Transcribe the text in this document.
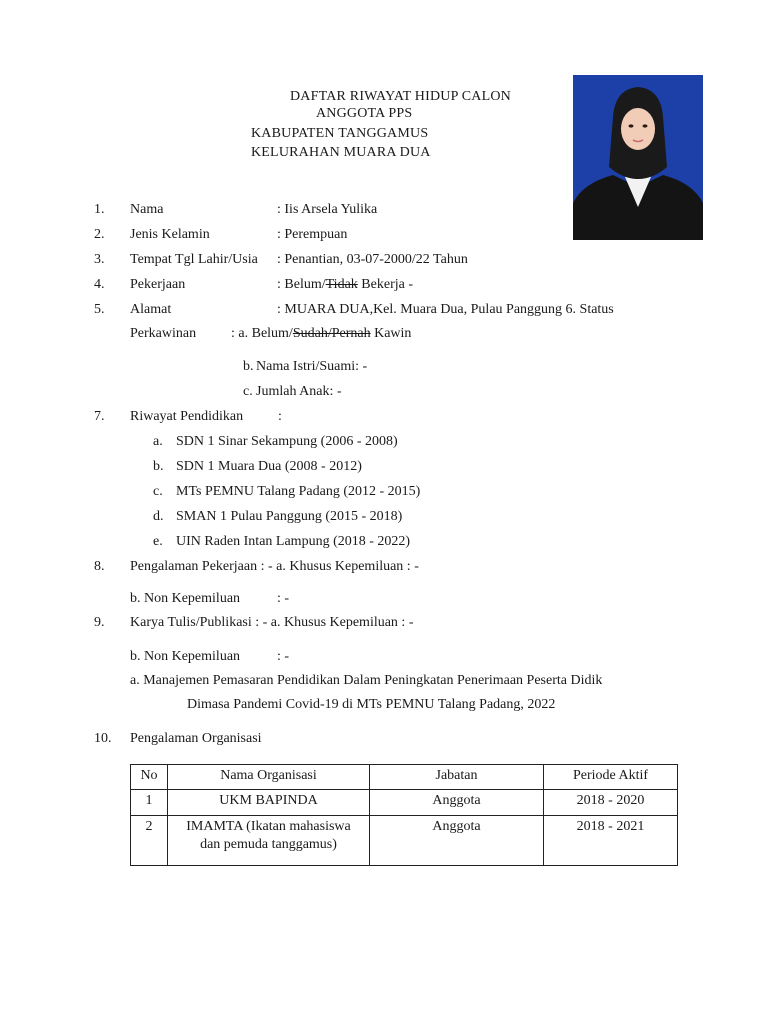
DAFTAR RIWAYAT HIDUP CALON
ANGGOTA PPS
KABUPATEN TANGGAMUS
KELURAHAN MUARA DUA
1. Nama	: Iis Arsela Yulika
2. Jenis Kelamin	: Perempuan
3. Tempat Tgl Lahir/Usia : Penantian, 03-07-2000/22 Tahun
4. Pekerjaan	: Belum/Tidak Bekerja -
5. Alamat	: MUARA DUA,Kel. Muara Dua, Pulau Panggung 6. Status
Perkawinan : a. Belum/Sudah/Pernah Kawin
b. Nama Istri/Suami: -
c. Jumlah Anak: -
7. Riwayat Pendidikan :
a. SDN 1 Sinar Sekampung (2006 - 2008)
b. SDN 1 Muara Dua (2008 - 2012)
c. MTs PEMNU Talang Padang (2012 - 2015)
d. SMAN 1 Pulau Panggung (2015 - 2018)
e. UIN Raden Intan Lampung (2018 - 2022)
8. Pengalaman Pekerjaan : - a. Khusus Kepemiluan : -
b. Non Kepemiluan	: -
9. Karya Tulis/Publikasi : - a. Khusus Kepemiluan : -
b. Non Kepemiluan	: -
a. Manajemen Pemasaran Pendidikan Dalam Peningkatan Penerimaan Peserta Didik
Dimasa Pandemi Covid-19 di MTs PEMNU Talang Padang, 2022
10. Pengalaman Organisasi
No	Nama Organisasi	Jabatan	Periode Aktif
1	UKM BAPINDA	Anggota	2018 - 2020
2	IMAMTA (Ikatan mahasiswa
dan pemuda tanggamus)	Anggota	2018 - 2021
